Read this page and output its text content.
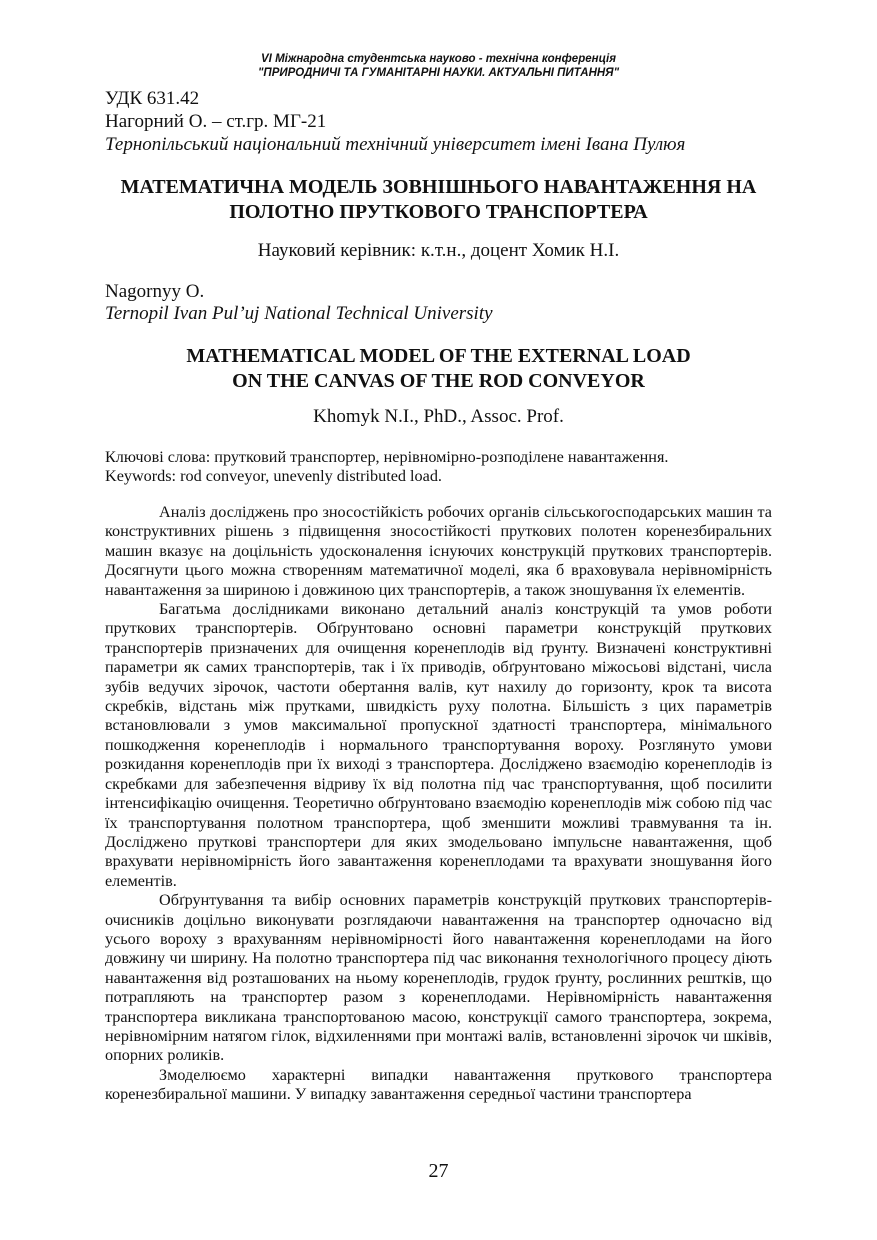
VI Міжнародна студентська науково - технічна конференція
"ПРИРОДНИЧІ ТА ГУМАНІТАРНІ НАУКИ. АКТУАЛЬНІ ПИТАННЯ"
УДК 631.42
Нагорний О. – ст.гр. МГ-21
Тернопільський національний технічний університет імені Івана Пулюя
МАТЕМАТИЧНА МОДЕЛЬ ЗОВНІШНЬОГО НАВАНТАЖЕННЯ НА
ПОЛОТНО ПРУТКОВОГО ТРАНСПОРТЕРА
Науковий керівник: к.т.н., доцент Хомик Н.І.
Nagornyy O.
Ternopil Ivan Pul’uj National Technical University
MATHEMATICAL MODEL OF THE EXTERNAL LOAD
ON THE CANVAS OF THE ROD CONVEYOR
Khomyk N.I., PhD., Assoc. Prof.
Ключові слова: прутковий транспортер, нерівномірно-розподілене навантаження.
Keywords: rod conveyor, unevenly distributed load.

Аналіз досліджень про зносостійкість робочих органів сільськогосподарських машин та конструктивних рішень з підвищення зносостійкості пруткових полотен коренезбиральних машин вказує на доцільність удосконалення існуючих конструкцій пруткових транспортерів. Досягнути цього можна створенням математичної моделі, яка б враховувала нерівномірність навантаження за шириною і довжиною цих транспортерів, а також зношування їх елементів.

Багатьма дослідниками виконано детальний аналіз конструкцій та умов роботи пруткових транспортерів. Обґрунтовано основні параметри конструкцій пруткових транспортерів призначених для очищення коренеплодів від ґрунту. Визначені конструктивні параметри як самих транспортерів, так і їх приводів, обґрунтовано міжосьові відстані, числа зубів ведучих зірочок, частоти обертання валів, кут нахилу до горизонту, крок та висота скребків, відстань між прутками, швидкість руху полотна. Більшість з цих параметрів встановлювали з умов максимальної пропускної здатності транспортера, мінімального пошкодження коренеплодів і нормального транспортування вороху. Розглянуто умови розкидання коренеплодів при їх виході з транспортера. Досліджено взаємодію коренеплодів із скребками для забезпечення відриву їх від полотна під час транспортування, щоб посилити інтенсифікацію очищення. Теоретично обґрунтовано взаємодію коренеплодів між собою під час їх транспортування полотном транспортера, щоб зменшити можливі травмування та ін. Досліджено пруткові транспортери для яких змодельовано імпульсне навантаження, щоб врахувати нерівномірність його завантаження коренеплодами та врахувати зношування його елементів.

Обґрунтування та вибір основних параметрів конструкцій пруткових транспортерів-очисників доцільно виконувати розглядаючи навантаження на транспортер одночасно від усього вороху з врахуванням нерівномірності його навантаження коренеплодами на його довжину чи ширину. На полотно транспортера під час виконання технологічного процесу діють навантаження від розташованих на ньому коренеплодів, грудок ґрунту, рослинних рештків, що потрапляють на транспортер разом з коренеплодами. Нерівномірність навантаження транспортера викликана транспортованою масою, конструкції самого транспортера, зокрема, нерівномірним натягом гілок, відхиленнями при монтажі валів, встановленні зірочок чи шківів, опорних роликів.

Змоделюємо характерні випадки навантаження пруткового транспортера коренезбиральної машини. У випадку завантаження середньої частини транспортера

27
